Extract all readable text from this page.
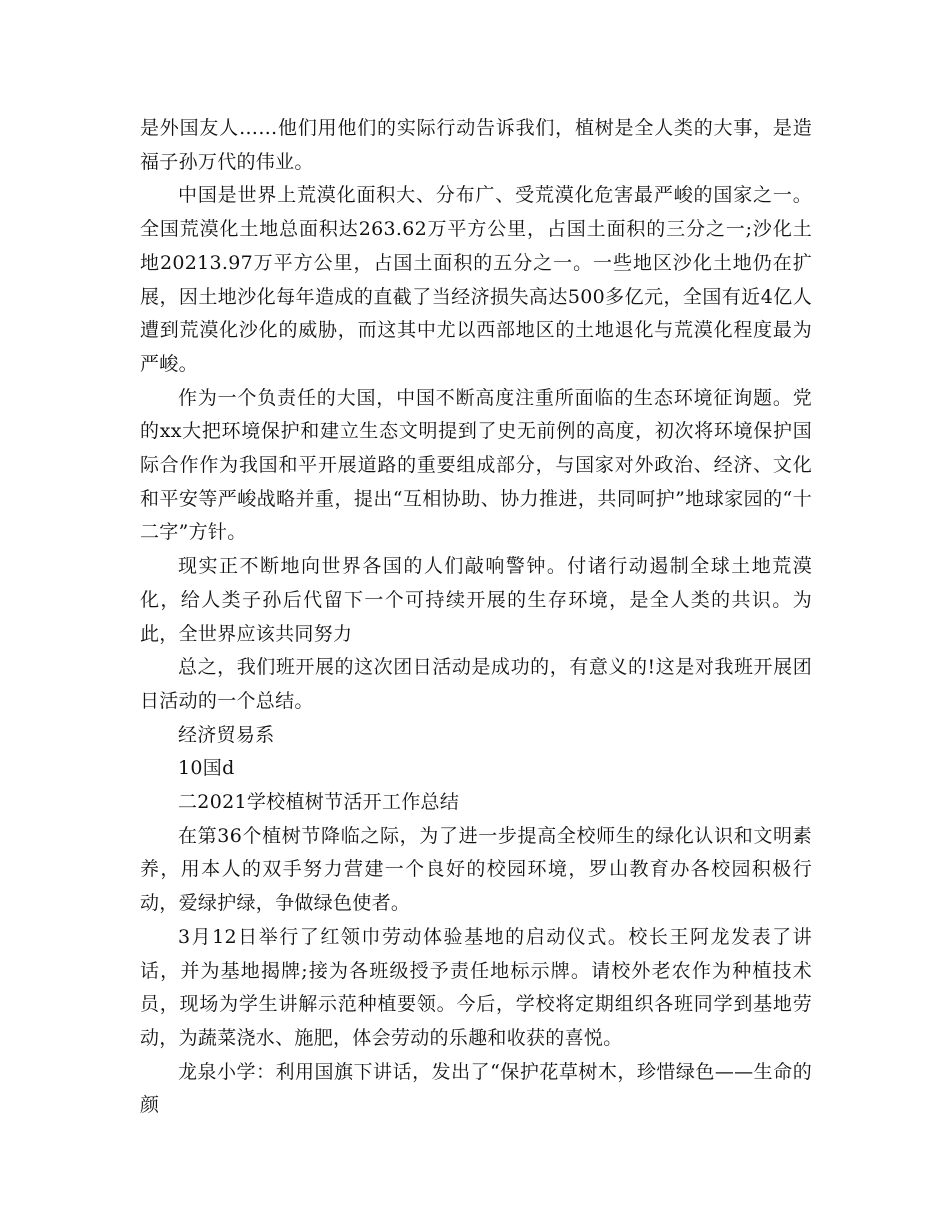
是外国友人……他们用他们的实际行动告诉我们，植树是全人类的大事，是造福子孙万代的伟业。

中国是世界上荒漠化面积大、分布广、受荒漠化危害最严峻的国家之一。全国荒漠化土地总面积达263.62万平方公里，占国土面积的三分之一;沙化土地20213.97万平方公里，占国土面积的五分之一。一些地区沙化土地仍在扩展，因土地沙化每年造成的直截了当经济损失高达500多亿元，全国有近4亿人遭到荒漠化沙化的威胁，而这其中尤以西部地区的土地退化与荒漠化程度最为严峻。

作为一个负责任的大国，中国不断高度注重所面临的生态环境征询题。党的xx大把环境保护和建立生态文明提到了史无前例的高度，初次将环境保护国际合作作为我国和平开展道路的重要组成部分，与国家对外政治、经济、文化和平安等严峻战略并重，提出“互相协助、协力推进，共同呵护”地球家园的“十二字”方针。

现实正不断地向世界各国的人们敲响警钟。付诸行动遏制全球土地荒漠化，给人类子孙后代留下一个可持续开展的生存环境，是全人类的共识。为此，全世界应该共同努力

总之，我们班开展的这次团日活动是成功的，有意义的!这是对我班开展团日活动的一个总结。

经济贸易系

10国d

二2021学校植树节活开工作总结

在第36个植树节降临之际，为了进一步提高全校师生的绿化认识和文明素养，用本人的双手努力营建一个良好的校园环境，罗山教育办各校园积极行动，爱绿护绿，争做绿色使者。

3月12日举行了红领巾劳动体验基地的启动仪式。校长王阿龙发表了讲话，并为基地揭牌;接为各班级授予责任地标示牌。请校外老农作为种植技术员，现场为学生讲解示范种植要领。今后，学校将定期组织各班同学到基地劳动，为蔬菜浇水、施肥，体会劳动的乐趣和收获的喜悦。

龙泉小学：利用国旗下讲话，发出了“保护花草树木，珍惜绿色——生命的颜
